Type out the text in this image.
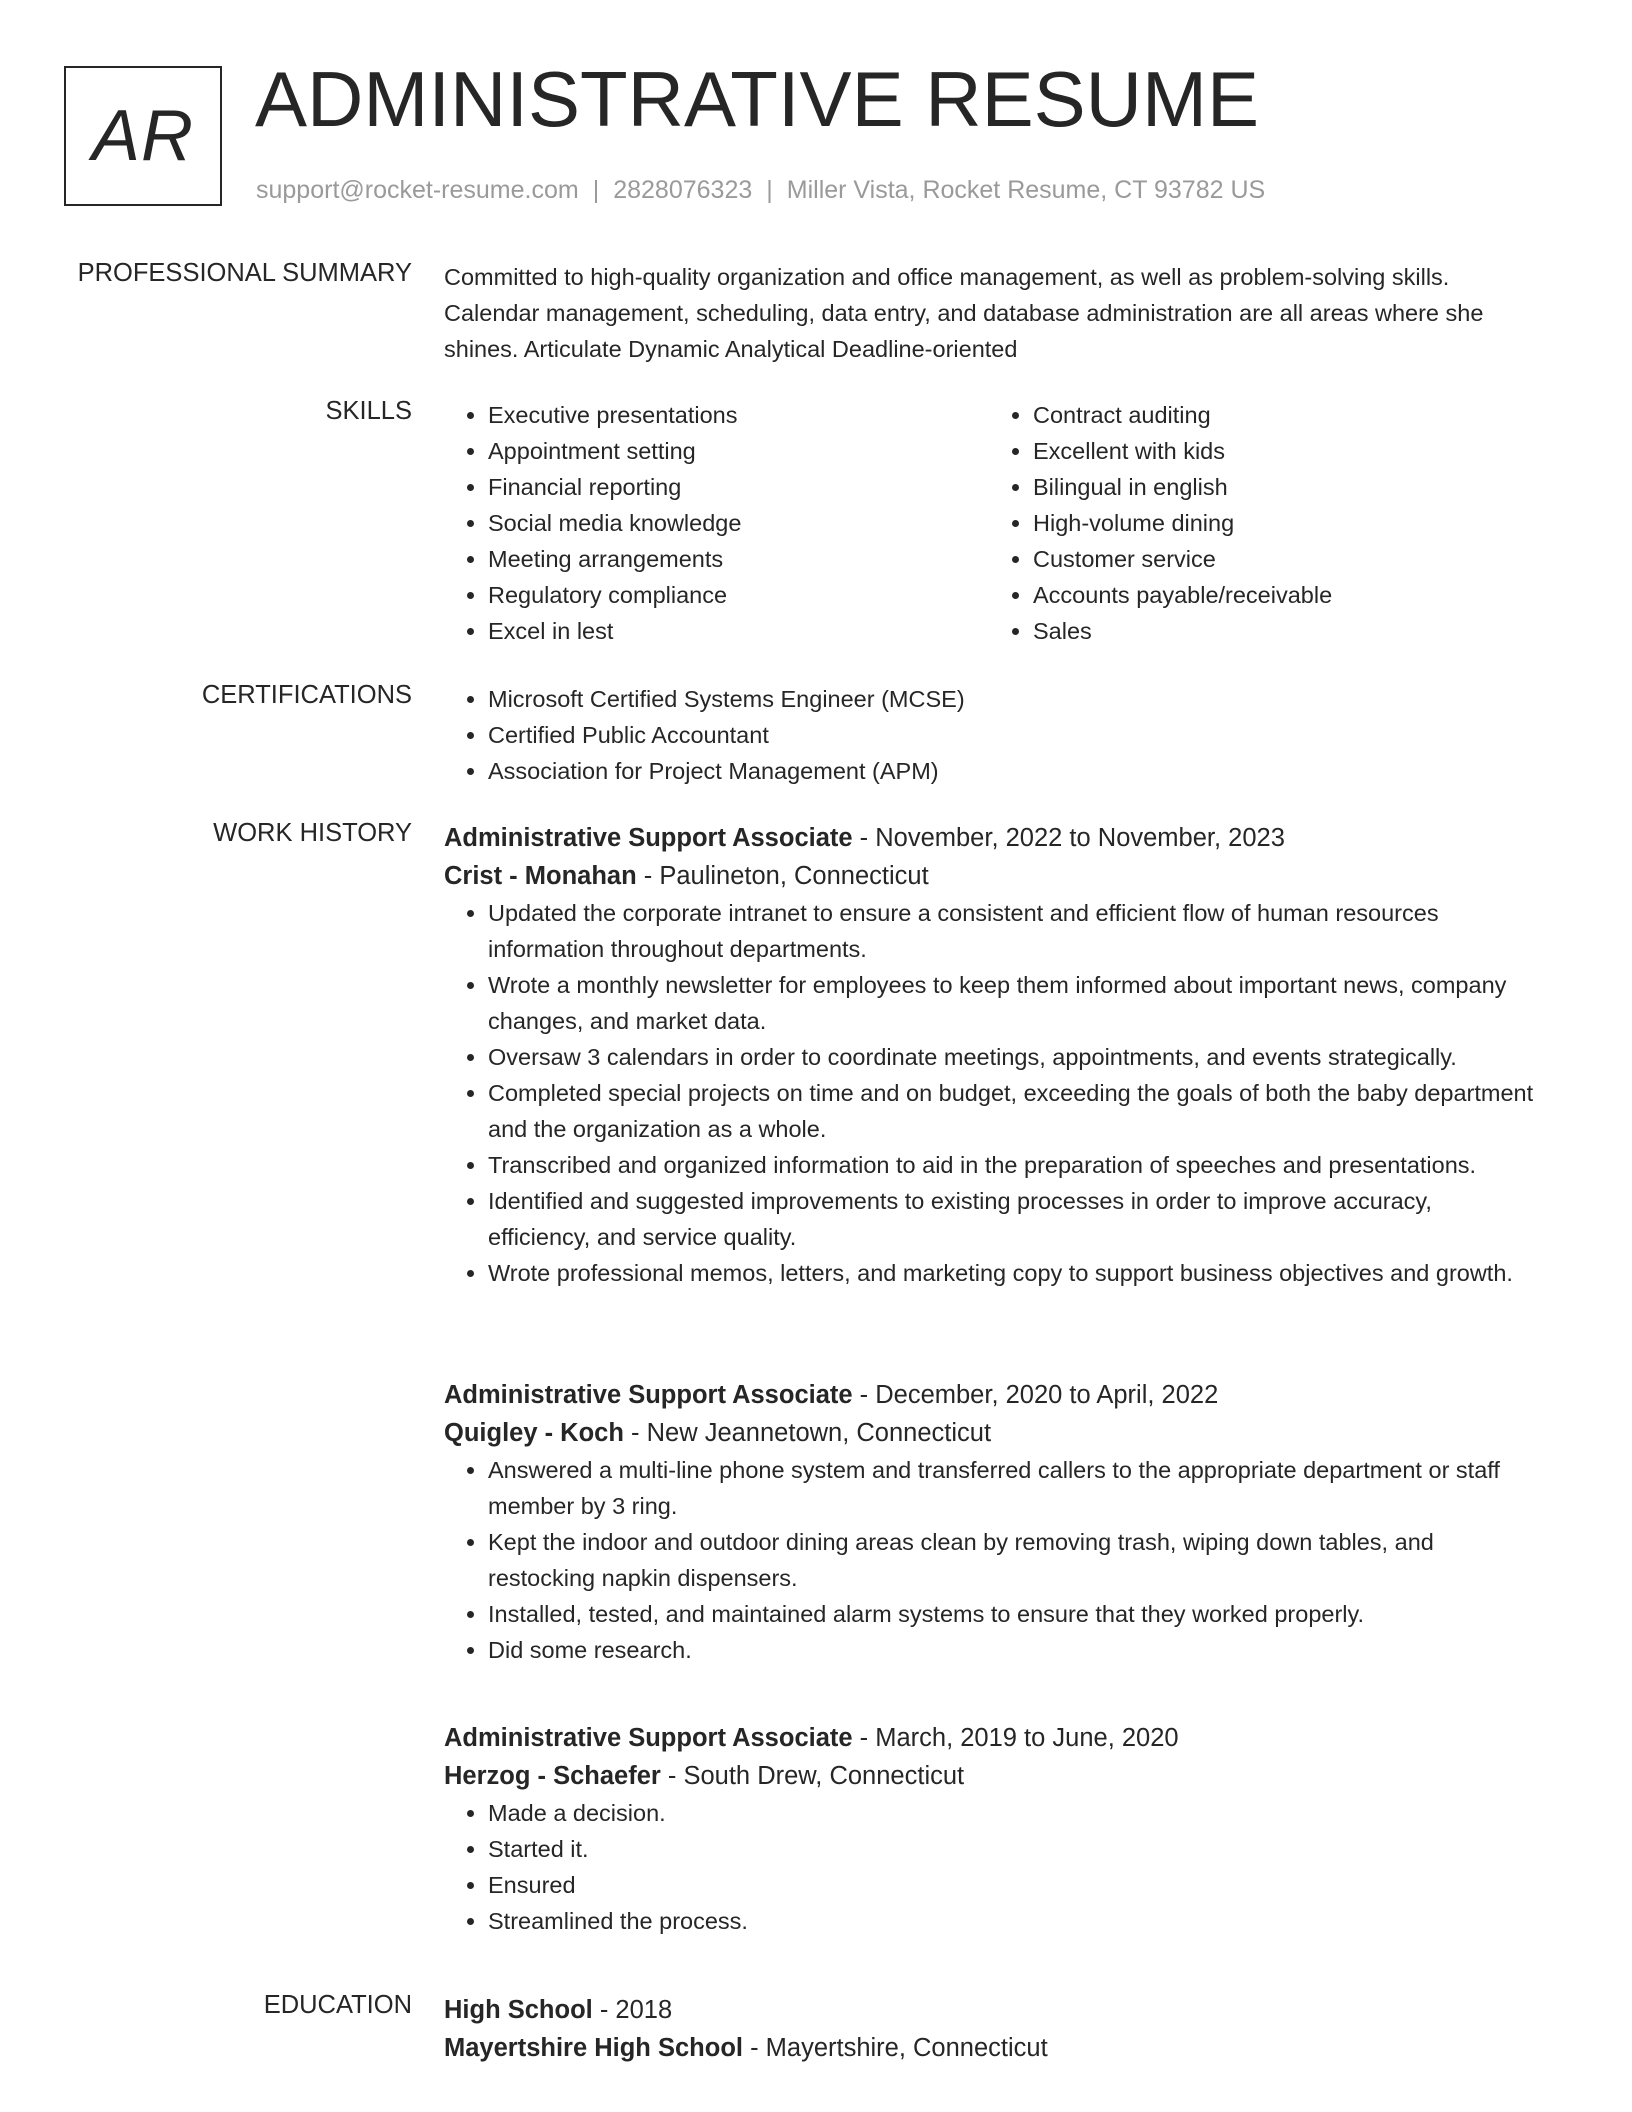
AR ADMINISTRATIVE RESUME
support@rocket-resume.com | 2828076323 | Miller Vista, Rocket Resume, CT 93782 US
PROFESSIONAL SUMMARY Committed to high-quality organization and office management, as well as problem-solving skills. Calendar management, scheduling, data entry, and database administration are all areas where she shines. Articulate Dynamic Analytical Deadline-oriented

SKILLS	• Executive presentations
• Appointment setting
• Financial reporting
• Social media knowledge
• Meeting arrangements
• Regulatory compliance
• Excel in lest
• Contract auditing
• Excellent with kids
• Bilingual in english
• High-volume dining
• Customer service
• Accounts payable/receivable
• Sales
CERTIFICATIONS	• Microsoft Certified Systems Engineer (MCSE)
• Certified Public Accountant
• Association for Project Management (APM)
WORK HISTORY Administrative Support Associate - November, 2022 to November, 2023
Crist - Monahan - Paulineton, Connecticut
• Updated the corporate intranet to ensure a consistent and efficient flow of human resources information throughout departments.
• Wrote a monthly newsletter for employees to keep them informed about important news, company changes, and market data.
• Oversaw 3 calendars in order to coordinate meetings, appointments, and events strategically.
• Completed special projects on time and on budget, exceeding the goals of both the baby department and the organization as a whole.
• Transcribed and organized information to aid in the preparation of speeches and presentations.
• Identified and suggested improvements to existing processes in order to improve accuracy, efficiency, and service quality.
• Wrote professional memos, letters, and marketing copy to support business objectives and growth.
Administrative Support Associate - December, 2020 to April, 2022
Quigley - Koch - New Jeannetown, Connecticut
• Answered a multi-line phone system and transferred callers to the appropriate department or staff member by 3 ring.
• Kept the indoor and outdoor dining areas clean by removing trash, wiping down tables, and restocking napkin dispensers.
• Installed, tested, and maintained alarm systems to ensure that they worked properly.
• Did some research.
Administrative Support Associate - March, 2019 to June, 2020
Herzog - Schaefer - South Drew, Connecticut
• Made a decision.
• Started it.
• Ensured
• Streamlined the process.
EDUCATION High School - 2018
Mayertshire High School - Mayertshire, Connecticut
